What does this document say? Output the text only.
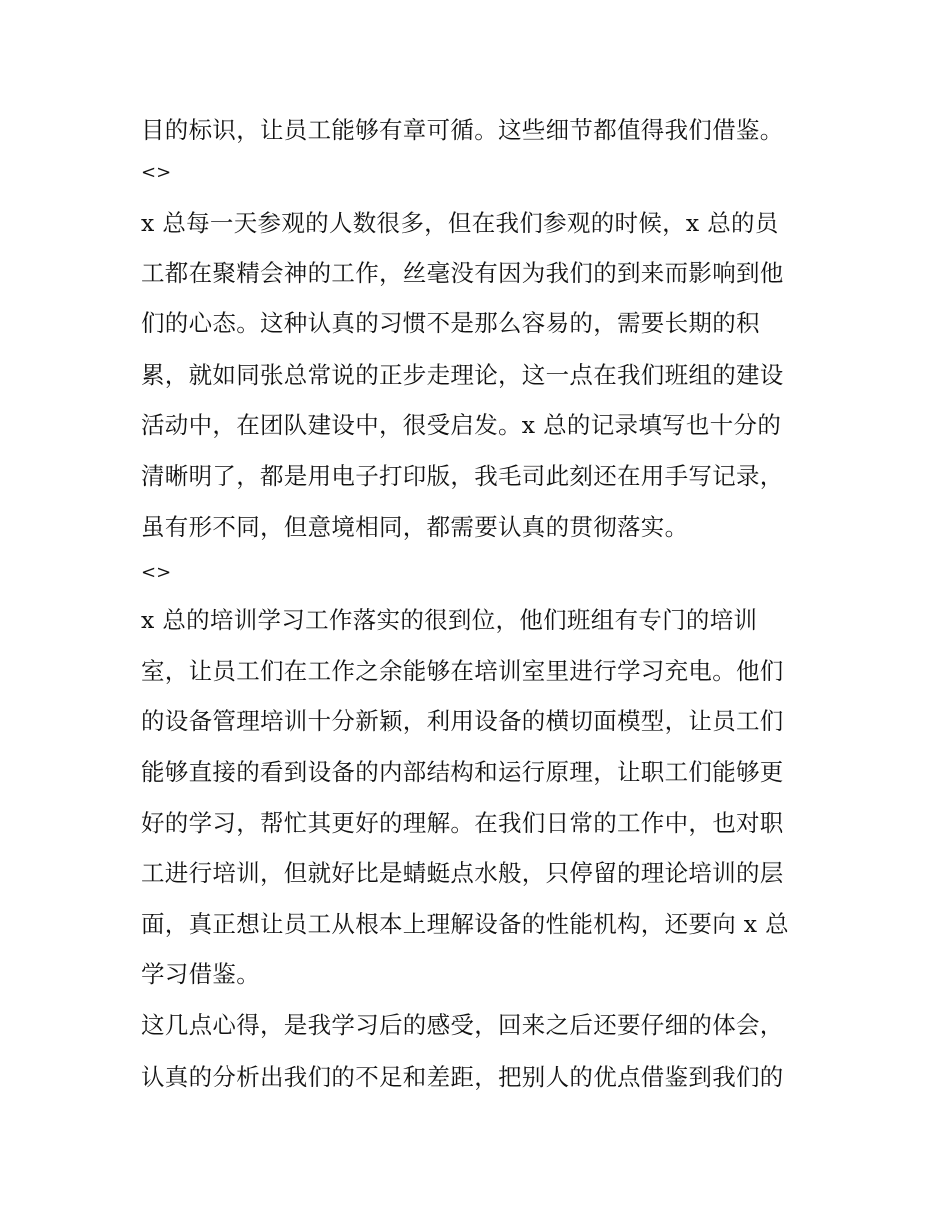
目的标识，让员工能够有章可循。这些细节都值得我们借鉴。
<>
x 总每一天参观的人数很多，但在我们参观的时候，x 总的员
工都在聚精会神的工作，丝毫没有因为我们的到来而影响到他
们的心态。这种认真的习惯不是那么容易的，需要长期的积
累，就如同张总常说的正步走理论，这一点在我们班组的建设
活动中，在团队建设中，很受启发。x 总的记录填写也十分的
清晰明了，都是用电子打印版，我毛司此刻还在用手写记录，
虽有形不同，但意境相同，都需要认真的贯彻落实。
<>
x 总的培训学习工作落实的很到位，他们班组有专门的培训
室，让员工们在工作之余能够在培训室里进行学习充电。他们
的设备管理培训十分新颖，利用设备的横切面模型，让员工们
能够直接的看到设备的内部结构和运行原理，让职工们能够更
好的学习，帮忙其更好的理解。在我们日常的工作中，也对职
工进行培训，但就好比是蜻蜓点水般，只停留的理论培训的层
面，真正想让员工从根本上理解设备的性能机构，还要向 x 总
学习借鉴。
这几点心得，是我学习后的感受，回来之后还要仔细的体会，
认真的分析出我们的不足和差距，把别人的优点借鉴到我们的
